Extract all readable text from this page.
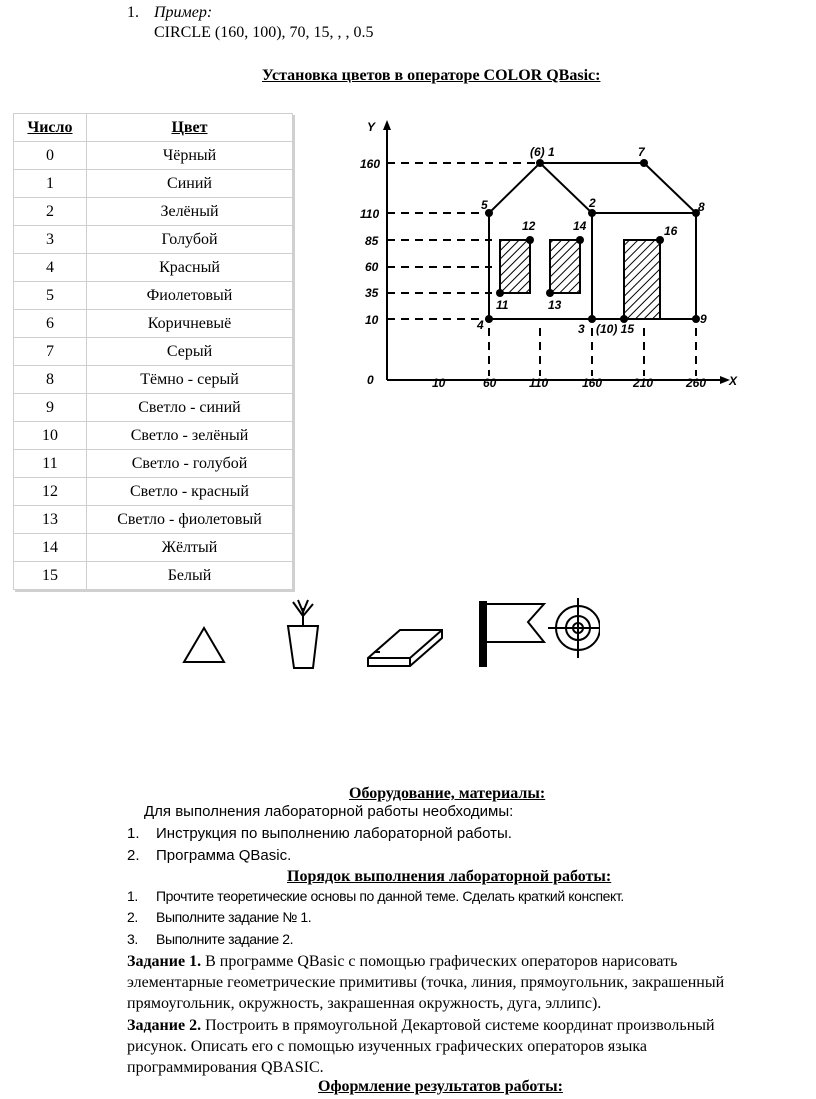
1. Пример:
CIRCLE (160, 100), 70, 15, , , 0.5
Установка цветов в операторе COLOR QBasic:
Число	Цвет
0	Чёрный
1	Синий
2	Зелёный
3	Голубой
4	Красный
5	Фиолетовый
6	Коричневыё
7	Серый
8	Тёмно - серый
9	Светло - синий
10	Светло - зелёный
11	Светло - голубой
12	Светло - красный
13	Светло - фиолетовый
14	Жёлтый
15	Белый
Y
X
0
160
110
85
60
35
10
10	60	110	160	210	260
(6) 1	7
5	2	8
12	14	16
11	13
4	3 (10) 15
9
Оборудование, материалы:
Для выполнения лабораторной работы необходимы:
1. Инструкция по выполнению лабораторной работы.
2. Программа QBasic.
Порядок выполнения лабораторной работы:
1. Прочтите теоретические основы по данной теме. Сделать краткий конспект.
2. Выполните задание № 1.
3. Выполните задание 2.
Задание 1. В программе QBasic с помощью графических операторов нарисовать
элементарные геометрические примитивы (точка, линия, прямоугольник, закрашенный
прямоугольник, окружность, закрашенная окружность, дуга, эллипс).
Задание 2. Построить в прямоугольной Декартовой системе координат произвольный
рисунок. Описать его с помощью изученных графических операторов языка
программирования QBASIC.
Оформление результатов работы:
